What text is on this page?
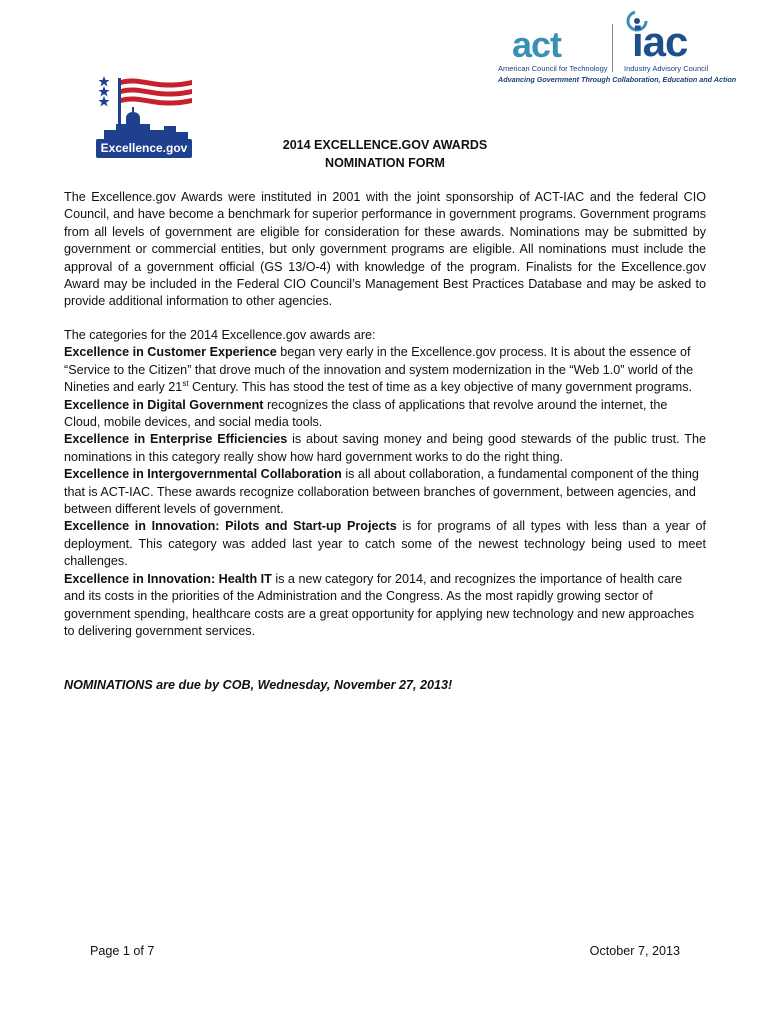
Excellence.gov
act iac
American Council for Technology Industry Advisory Council
Advancing Government Through Collaboration, Education and Action
2014 EXCELLENCE.GOV AWARDS
NOMINATION FORM

The Excellence.gov Awards were instituted in 2001 with the joint sponsorship of ACT-IAC and the federal CIO Council, and have become a benchmark for superior performance in government programs. Government programs from all levels of government are eligible for consideration for these awards. Nominations may be submitted by government or commercial entities, but only government programs are eligible. All nominations must include the approval of a government official (GS 13/O-4) with knowledge of the program. Finalists for the Excellence.gov Award may be included in the Federal CIO Council’s Management Best Practices Database and may be asked to provide additional information to other agencies.

The categories for the 2014 Excellence.gov awards are:

Excellence in Customer Experience began very early in the Excellence.gov process. It is about the essence of “Service to the Citizen” that drove much of the innovation and system modernization in the “Web 1.0” world of the Nineties and early 21st Century. This has stood the test of time as a key objective of many government programs.

Excellence in Digital Government recognizes the class of applications that revolve around the internet, the Cloud, mobile devices, and social media tools.

Excellence in Enterprise Efficiencies is about saving money and being good stewards of the public trust. The nominations in this category really show how hard government works to do the right thing.

Excellence in Intergovernmental Collaboration is all about collaboration, a fundamental component of the thing that is ACT-IAC. These awards recognize collaboration between branches of government, between agencies, and between different levels of government.

Excellence in Innovation: Pilots and Start-up Projects is for programs of all types with less than a year of deployment. This category was added last year to catch some of the newest technology being used to meet challenges.

Excellence in Innovation: Health IT is a new category for 2014, and recognizes the importance of health care and its costs in the priorities of the Administration and the Congress. As the most rapidly growing sector of government spending, healthcare costs are a great opportunity for applying new technology and new approaches to delivering government services.

NOMINATIONS are due by COB, Wednesday, November 27, 2013!

Page 1 of 7	October 7, 2013
